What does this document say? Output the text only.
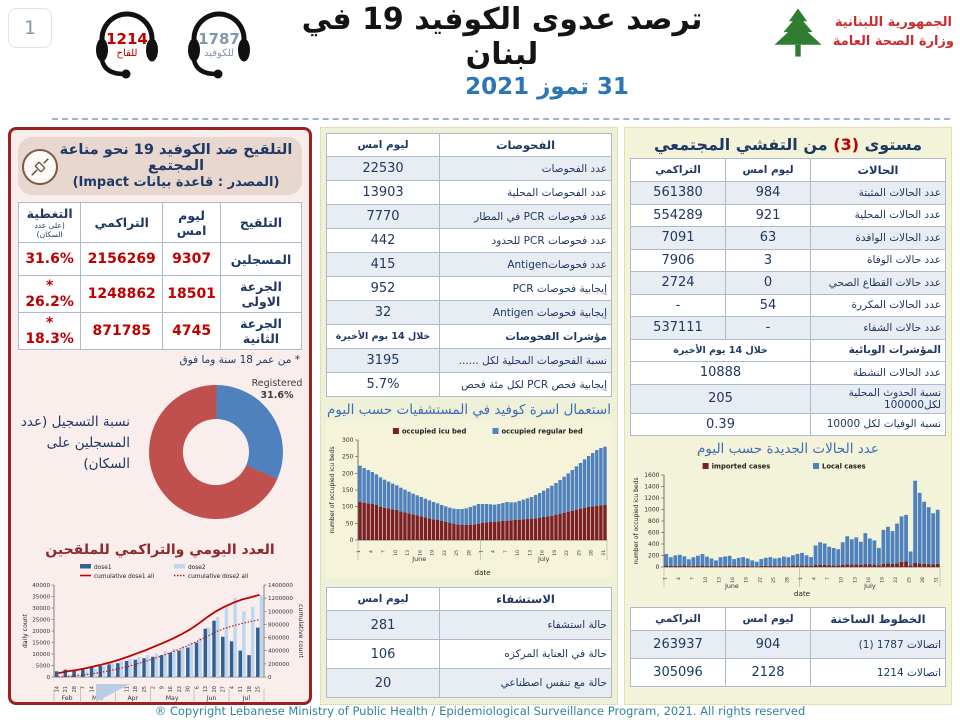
1	1214
للقاح
1787
للكوفيد
ترصد عدوى الكوفيد 19 في لبنان
31 تموز 2021
الجمهورية اللبنانية
وزارة الصحة العامة
التلقيح ضد الكوفيد 19 نحو مناعة المجتمع
(المصدر : قاعدة بيانات Impact)
التلقيح	ليوم امس	التراكمي	التغطية
(على عدد السكان)

المسجلين	9307	2156269	31.6%
الجرعة الاولى	18501	1248862	* 26.2%
الجرعة الثانية	4745	871785	* 18.3%
* من عمر 18 سنة وما فوق
Registered
31.6%
نسبة التسجيل (عدد المسجلين على السكان)
العدد اليومي والتراكمي للملقحين
0
5000
10000
15000
20000
25000
30000
35000
40000
0
200000
400000
600000
800000
1000000
1200000
1400000
14 21 28 7 14 21 28 4 11 18 25 2 9 16 23 30 6 13 20 27 4 11 18 25
Feb	Mar	Apr	May	Jun	Jul
daily count	cumulative count
dose1	dose2
cumulative dose1 all	cumulative dose2 all
الفحوصات	ليوم امس
عدد الفحوصات	22530
عدد الفحوصات المحلية	13903
عدد فحوصات PCR في المطار	7770
عدد فحوصات PCR للحدود	442
عدد فحوصاتAntigen	415
إيجابية فحوصات PCR	952
إيجابية فحوصات Antigen	32
مؤشرات الفحوصات	خلال 14 يوم الأخيرة
نسبة الفحوصات المحلية لكل ......	3195
إيجابية فحص PCR لكل مئة فحص	5.7%
استعمال اسرة كوفيد في المستشفيات حسب اليوم
0
50
100
150
200
250
300
1 4 7 10 13 16 19 22 25 28
June
1 4 7 10 13 16 19 22 25 28 31
July
date
number of occupied icu beds
occupied icu bed	occupied regular bed
الاستشفاء	ليوم امس
حالة استشفاء	281
حالة في العناية المركزه	106
حالة مع تنفس اصطناعي	20
مستوى (3) من التفشي المجتمعي
الحالات	ليوم امس	التراكمي
عدد الحالات المثبتة	984	561380
عدد الحالات المحلية	921	554289
عدد الحالات الوافدة	63	7091
عدد حالات الوفاة	3	7906
عدد حالات القطاع الصحي	0	2724
عدد الحالات المكررة	54	-
عدد حالات الشفاء	-	537111
المؤشرات الوبائية	خلال 14 يوم الأخيرة	
عدد الحالات النشطة	10888	
نسبة الحدوث المحلية لكل100000	205	
نسبة الوفيات لكل 10000	0.39	
عدد الحالات الجديدة حسب اليوم
0
200
400
600
800
1000
1200
1400
1600
1 4 7 10 13 16 19 22 25 28
June
1 4 7 10 13 16 19 22 25 28 31
July
date
number of occupied icu beds
imported cases	Local cases
الخطوط الساخنة	ليوم امس	التراكمي
اتصالات 1787 (1)	904	263937
اتصالات 1214	2128	305096
® Copyright Lebanese Ministry of Public Health / Epidemiological Surveillance Program, 2021. All rights reserved
